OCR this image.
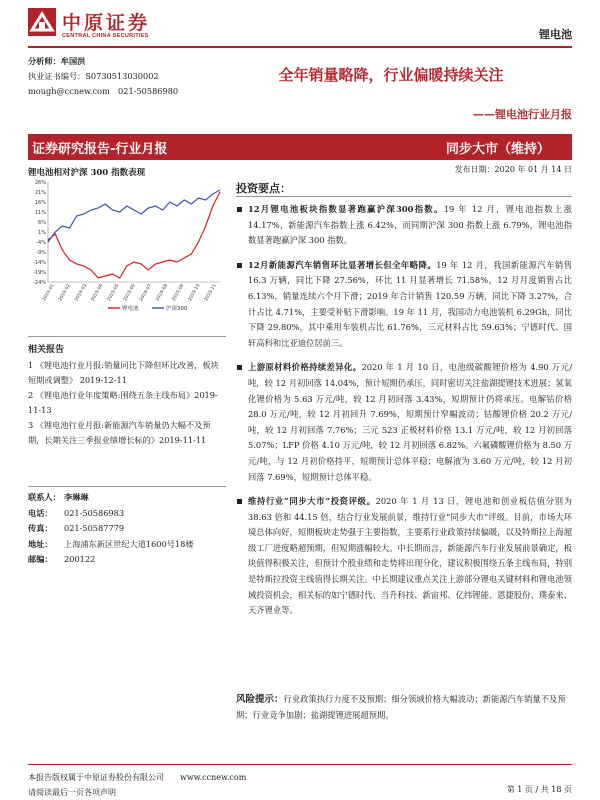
中原证券
CENTRAL CHINA SECURITIES	锂电池
分析师：牟国洪
执业证书编号：S0730513030002
mough@ccnew.com　021-50586980
全年销量略降，行业偏暖持续关注
——锂电池行业月报
证券研究报告-行业月报	同步大市（维持）
发布日期：2020 年 01 月 14 日
锂电池相对沪深 300 指数表现
26%
21%
16%
11%
6%
1%
-4%
-9%
-14%
-19%
-24%
2019-01 2019-02 2019-03 2019-04 2019-05 2019-06 2019-07 2019-08 2019-09 2019-10 2019-11
锂电池	沪深300
相关报告
1 《锂电池行业月报:销量同比下降但环比改善，板块短期或调整》 2019-12-11
2 《锂电池行业年度策略:围绕五条主线布局》2019-11-13
3 《锂电池行业月报:新能源汽车销量仍大幅不及预期，长期关注三季报业绩增长标的》2019-11-11
联系人： 李琳琳
电话： 021-50586983
传真： 021-50587779
地址： 上海浦东新区世纪大道1600号18楼
邮编： 200122
投资要点：
12月锂电池板块指数显著跑赢沪深300指数。19 年 12 月，锂电池指数上涨 14.17%，新能源汽车指数上涨 6.42%，而同期沪深 300 指数上涨 6.79%，锂电池指数显著跑赢沪深 300 指数。
12月新能源汽车销售环比显著增长但全年略降。19 年 12 月，我国新能源汽车销售 16.3 万辆，同比下降 27.56%，环比 11 月显著增长 71.58%，12 月月度销售占比 6.13%，销量连续六个月下滑；2019 年合计销售 120.59 万辆，同比下降 3.27%，合计占比 4.71%，主要受补贴下滑影响。19 年 11 月，我国动力电池装机 6.29Gh，同比下降 29.80%，其中乘用车装机占比 61.76%，三元材料占比 59.63%；宁德时代、国轩高科和比亚迪位居前三。
上游原材料价格持续差异化。2020 年 1 月 10 日，电池级碳酸锂价格为 4.90 万元/吨，较 12 月初回落 14.04%，预计短期仍承压，同时密切关注盐湖提锂技术进展；氢氧化锂价格为 5.63 万元/吨，较 12 月初回落 3.43%，短期预计仍将承压。电解钴价格 28.0 万元/吨，较 12 月初回升 7.69%，短期预计窄幅波动；钴酸锂价格 20.2 万元/吨，较 12 月初回落 7.76%；三元 523 正极材料价格 13.1 万元/吨，较 12 月初回落 5.07%；LFP 价格 4.10 万元/吨，较 12 月初回落 6.82%。六氟磷酸锂价格为 8.50 万元/吨，与 12 月初价格持平，短期预计总体平稳；电解液为 3.60 万元/吨，较 12 月初回落 7.69%，短期预计总体平稳。
维持行业“同步大市”投资评级。2020 年 1 月 13 日，锂电池和创业板估值分别为 38.63 倍和 44.15 倍，结合行业发展前景，维持行业“同步大市”评级。目前，市场大环境总体向好，短期板块走势强于主要指数，主要系行业政策持续偏暖，以及特斯拉上海超级工厂进度略超预期，但短期涨幅较大。中长期而言，新能源汽车行业发展前景确定，板块值得积极关注，但预计个股业绩和走势将出现分化，建议积极围绕五条主线布局，特别是特斯拉投资主线值得长期关注。中长期建议重点关注上游部分锂电关键材料和锂电池领域投资机会，相关标的如宁德时代、当升科技、新宙邦、亿纬锂能、恩捷股份、璞泰来、天齐锂业等。
风险提示：行业政策执行力度不及预期；细分领域价格大幅波动；新能源汽车销量不及预期；行业竞争加剧；盐湖提锂进展超预期。
本报告版权属于中原证券股份有限公司　　www.ccnew.com
请阅读最后一页各项声明	第 1 页 / 共 18 页
